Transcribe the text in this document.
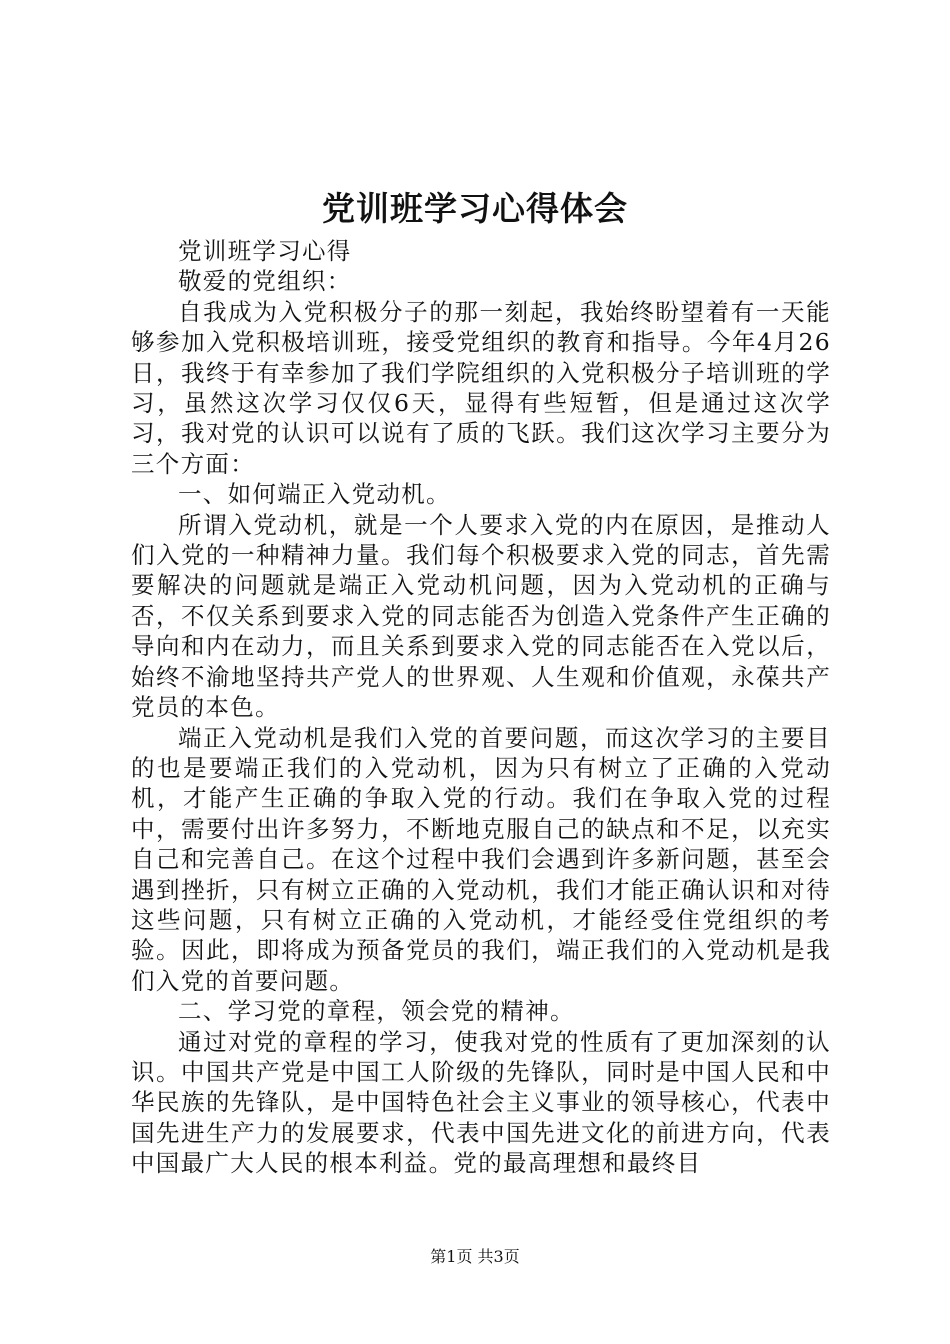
党训班学习心得体会

党训班学习心得

敬爱的党组织：

自我成为入党积极分子的那一刻起，我始终盼望着有一天能够参加入党积极培训班，接受党组织的教育和指导。今年4月26日，我终于有幸参加了我们学院组织的入党积极分子培训班的学习，虽然这次学习仅仅6天，显得有些短暂，但是通过这次学习，我对党的认识可以说有了质的飞跃。我们这次学习主要分为三个方面：

一、如何端正入党动机。

所谓入党动机，就是一个人要求入党的内在原因，是推动人们入党的一种精神力量。我们每个积极要求入党的同志，首先需要解决的问题就是端正入党动机问题，因为入党动机的正确与否，不仅关系到要求入党的同志能否为创造入党条件产生正确的导向和内在动力，而且关系到要求入党的同志能否在入党以后，始终不渝地坚持共产党人的世界观、人生观和价值观，永葆共产党员的本色。

端正入党动机是我们入党的首要问题，而这次学习的主要目的也是要端正我们的入党动机，因为只有树立了正确的入党动机，才能产生正确的争取入党的行动。我们在争取入党的过程中，需要付出许多努力，不断地克服自己的缺点和不足，以充实自己和完善自己。在这个过程中我们会遇到许多新问题，甚至会遇到挫折，只有树立正确的入党动机，我们才能正确认识和对待这些问题，只有树立正确的入党动机，才能经受住党组织的考验。因此，即将成为预备党员的我们，端正我们的入党动机是我们入党的首要问题。

二、学习党的章程，领会党的精神。

通过对党的章程的学习，使我对党的性质有了更加深刻的认识。中国共产党是中国工人阶级的先锋队，同时是中国人民和中华民族的先锋队，是中国特色社会主义事业的领导核心，代表中国先进生产力的发展要求，代表中国先进文化的前进方向，代表中国最广大人民的根本利益。党的最高理想和最终目

第1页 共3页
